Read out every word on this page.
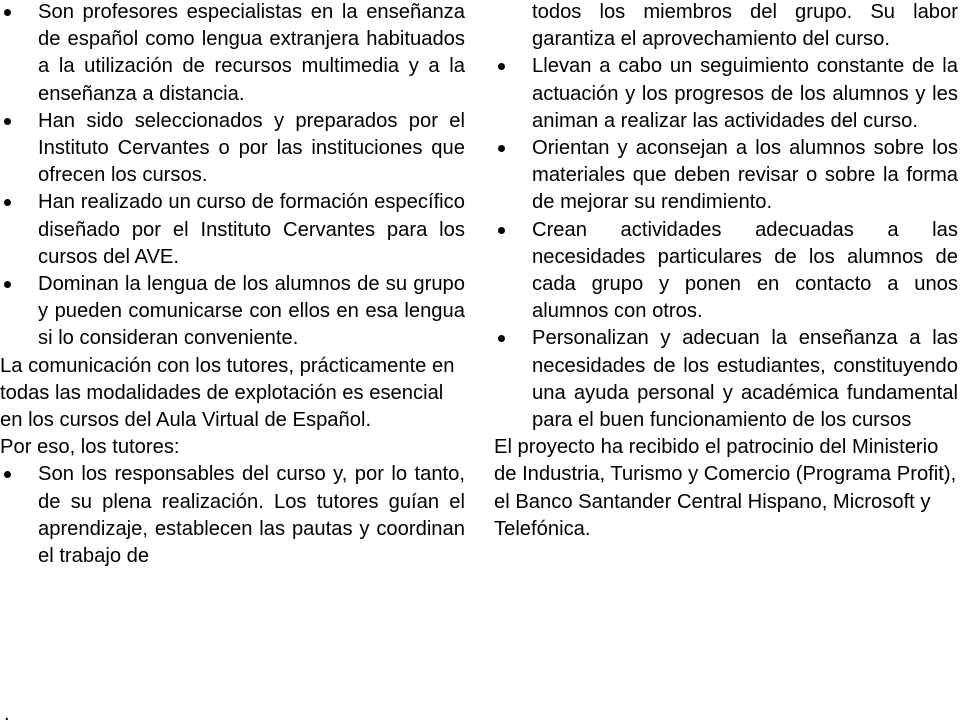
Son profesores especialistas en la enseñanza de español como lengua extranjera habituados a la utilización de recursos multimedia y a la enseñanza a distancia.
Han sido seleccionados y preparados por el Instituto Cervantes o por las instituciones que ofrecen los cursos.
Han realizado un curso de formación específico diseñado por el Instituto Cervantes para los cursos del AVE.
Dominan la lengua de los alumnos de su grupo y pueden comunicarse con ellos en esa lengua si lo consideran conveniente.

La comunicación con los tutores, prácticamente en todas las modalidades de explotación es esencial en los cursos del Aula Virtual de Español.

Por eso, los tutores:

Son los responsables del curso y, por lo tanto, de su plena realización. Los tutores guían el aprendizaje, establecen las pautas y coordinan el trabajo de
todos los miembros del grupo. Su labor garantiza el aprovechamiento del curso.
Llevan a cabo un seguimiento constante de la actuación y los progresos de los alumnos y les animan a realizar las actividades del curso.
Orientan y aconsejan a los alumnos sobre los materiales que deben revisar o sobre la forma de mejorar su rendimiento.
Crean actividades adecuadas a las necesidades particulares de los alumnos de cada grupo y ponen en contacto a unos alumnos con otros.
Personalizan y adecuan la enseñanza a las necesidades de los estudiantes, constituyendo una ayuda personal y académica fundamental para el buen funcionamiento de los cursos

El proyecto ha recibido el patrocinio del Ministerio de Industria, Turismo y Comercio (Programa Profit), el Banco Santander Central Hispano, Microsoft y Telefónica.

.
